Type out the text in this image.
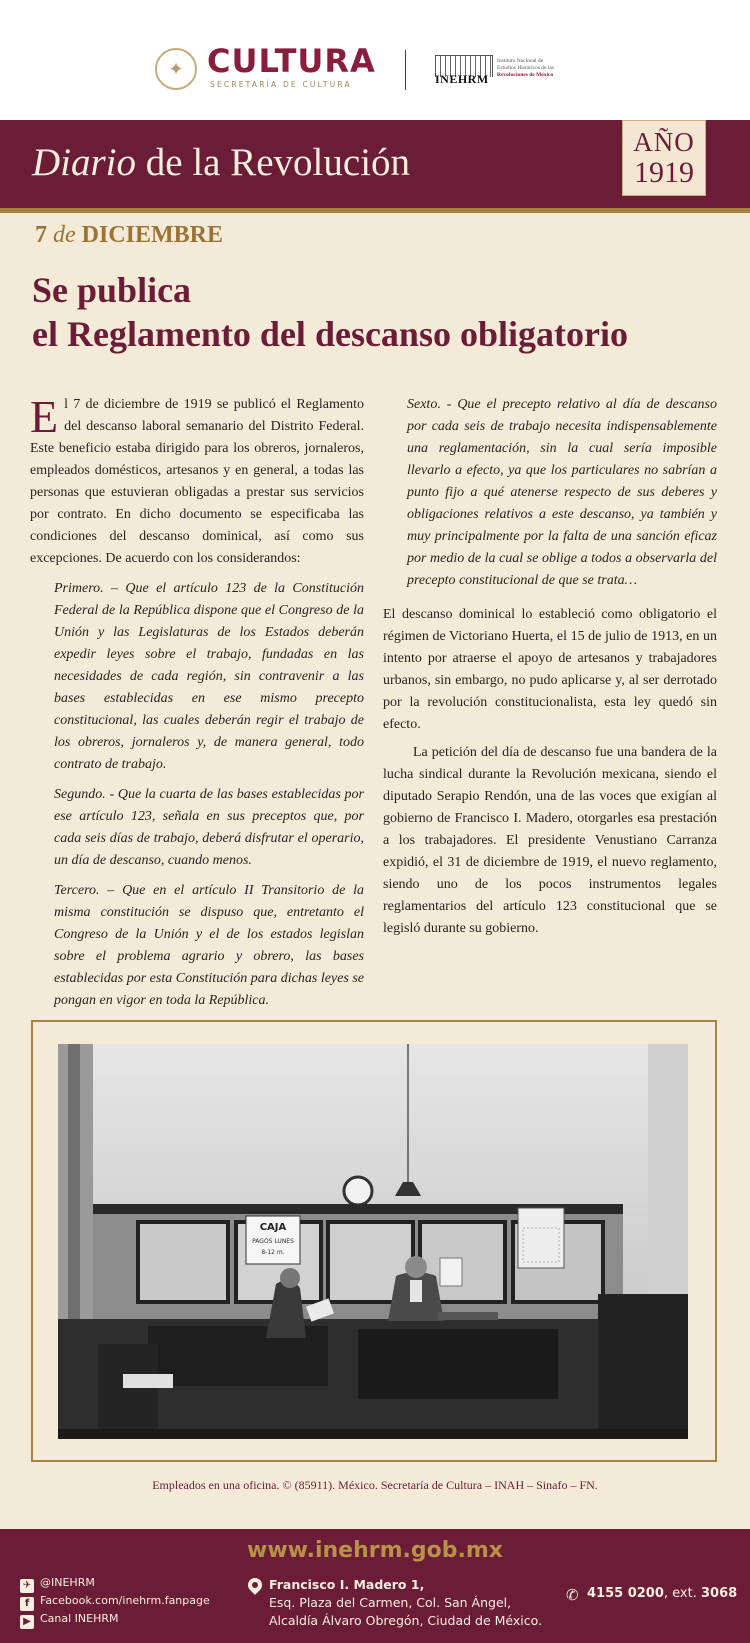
✦ CULTURA
SECRETARÍA DE CULTURA	INEHRM
Instituto Nacional de
Estudios Históricos de las
Revoluciones de México
Diario de la Revolución	AÑO
1919
7 de DICIEMBRE
Se publica
el Reglamento del descanso obligatorio

El 7 de diciembre de 1919 se publicó el Reglamento del descanso laboral semanario del Distrito Federal. Este beneficio estaba dirigido para los obreros, jornaleros, empleados domésticos, artesanos y en general, a todas las personas que estuvieran obligadas a prestar sus servicios por contrato. En dicho documento se especificaba las condiciones del descanso dominical, así como sus excepciones. De acuerdo con los considerandos:

Primero. – Que el artículo 123 de la Constitución Federal de la República dispone que el Congreso de la Unión y las Legislaturas de los Estados deberán expedir leyes sobre el trabajo, fundadas en las necesidades de cada región, sin contravenir a las bases establecidas en ese mismo precepto constitucional, las cuales deberán regir el trabajo de los obreros, jornaleros y, de manera general, todo contrato de trabajo.

Segundo. - Que la cuarta de las bases establecidas por ese artículo 123, señala en sus preceptos que, por cada seis días de trabajo, deberá disfrutar el operario, un día de descanso, cuando menos.

Tercero. – Que en el artículo II Transitorio de la misma constitución se dispuso que, entretanto el Congreso de la Unión y el de los estados legislan sobre el problema agrario y obrero, las bases establecidas por esta Constitución para dichas leyes se pongan en vigor en toda la República.

Sexto. - Que el precepto relativo al día de descanso por cada seis de trabajo necesita indispensablemente una reglamentación, sin la cual sería imposible llevarlo a efecto, ya que los particulares no sabrían a punto fijo a qué atenerse respecto de sus deberes y obligaciones relativos a este descanso, ya también y muy principalmente por la falta de una sanción eficaz por medio de la cual se oblige a todos a observarla del precepto constitucional de que se trata…

El descanso dominical lo estableció como obligatorio el régimen de Victoriano Huerta, el 15 de julio de 1913, en un intento por atraerse el apoyo de artesanos y trabajadores urbanos, sin embargo, no pudo aplicarse y, al ser derrotado por la revolución constitucionalista, esta ley quedó sin efecto.

La petición del día de descanso fue una bandera de la lucha sindical durante la Revolución mexicana, siendo el diputado Serapio Rendón, una de las voces que exigían al gobierno de Francisco I. Madero, otorgarles esa prestación a los trabajadores. El presidente Venustiano Carranza expidió, el 31 de diciembre de 1919, el nuevo reglamento, siendo uno de los pocos instrumentos legales reglamentarios del artículo 123 constitucional que se legisló durante su gobierno.

CAJA
PAGOS LUNES
8-12 m.
Empleados en una oficina. © (85911). México. Secretaría de Cultura – INAH – Sinafo – FN.
www.inehrm.gob.mx
✈ @INEHRM
f Facebook.com/inehrm.fanpage
▶ Canal INEHRM
Francisco I. Madero 1,
Esq. Plaza del Carmen, Col. San Ángel,
Alcaldía Álvaro Obregón, Ciudad de México.
✆ 4155 0200, ext. 3068
